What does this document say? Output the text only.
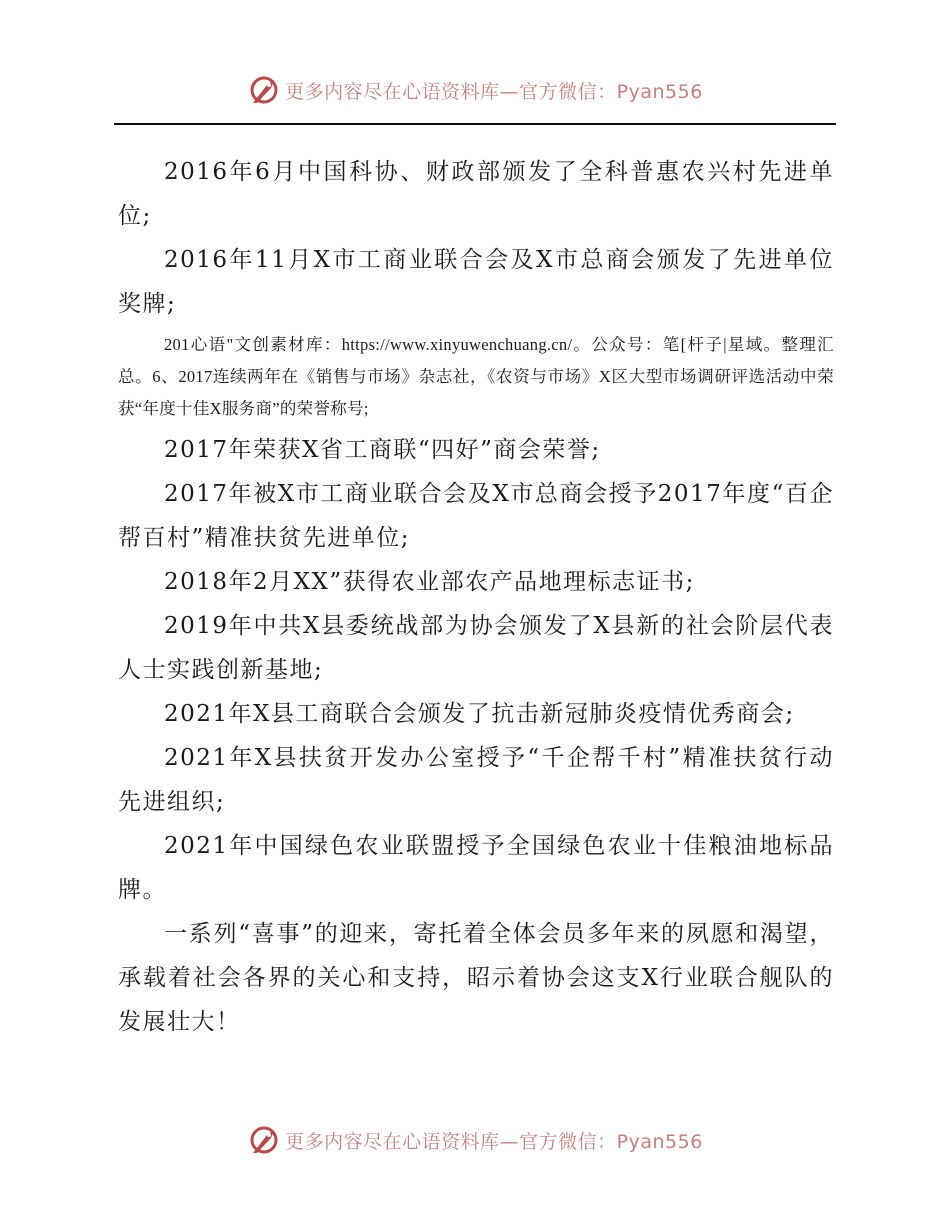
更多内容尽在心语资料库—官方微信：Pyan556

2016年6月中国科协、财政部颁发了全科普惠农兴村先进单位;

2016年11月X市工商业联合会及X市总商会颁发了先进单位奖牌;

201心语"文创素材库：https://www.xinyuwenchuang.cn/。公众号：笔[杆子|星域。整理汇总。6、2017连续两年在《销售与市场》杂志社，《农资与市场》X区大型市场调研评选活动中荣获“年度十佳X服务商”的荣誉称号;

2017年荣获X省工商联“四好”商会荣誉;

2017年被X市工商业联合会及X市总商会授予2017年度“百企帮百村”精准扶贫先进单位;

2018年2月XX”获得农业部农产品地理标志证书;

2019年中共X县委统战部为协会颁发了X县新的社会阶层代表人士实践创新基地;

2021年X县工商联合会颁发了抗击新冠肺炎疫情优秀商会;

2021年X县扶贫开发办公室授予“千企帮千村”精准扶贫行动先进组织;

2021年中国绿色农业联盟授予全国绿色农业十佳粮油地标品牌。

一系列“喜事”的迎来，寄托着全体会员多年来的夙愿和渴望，承载着社会各界的关心和支持，昭示着协会这支X行业联合舰队的发展壮大！

更多内容尽在心语资料库—官方微信：Pyan556
